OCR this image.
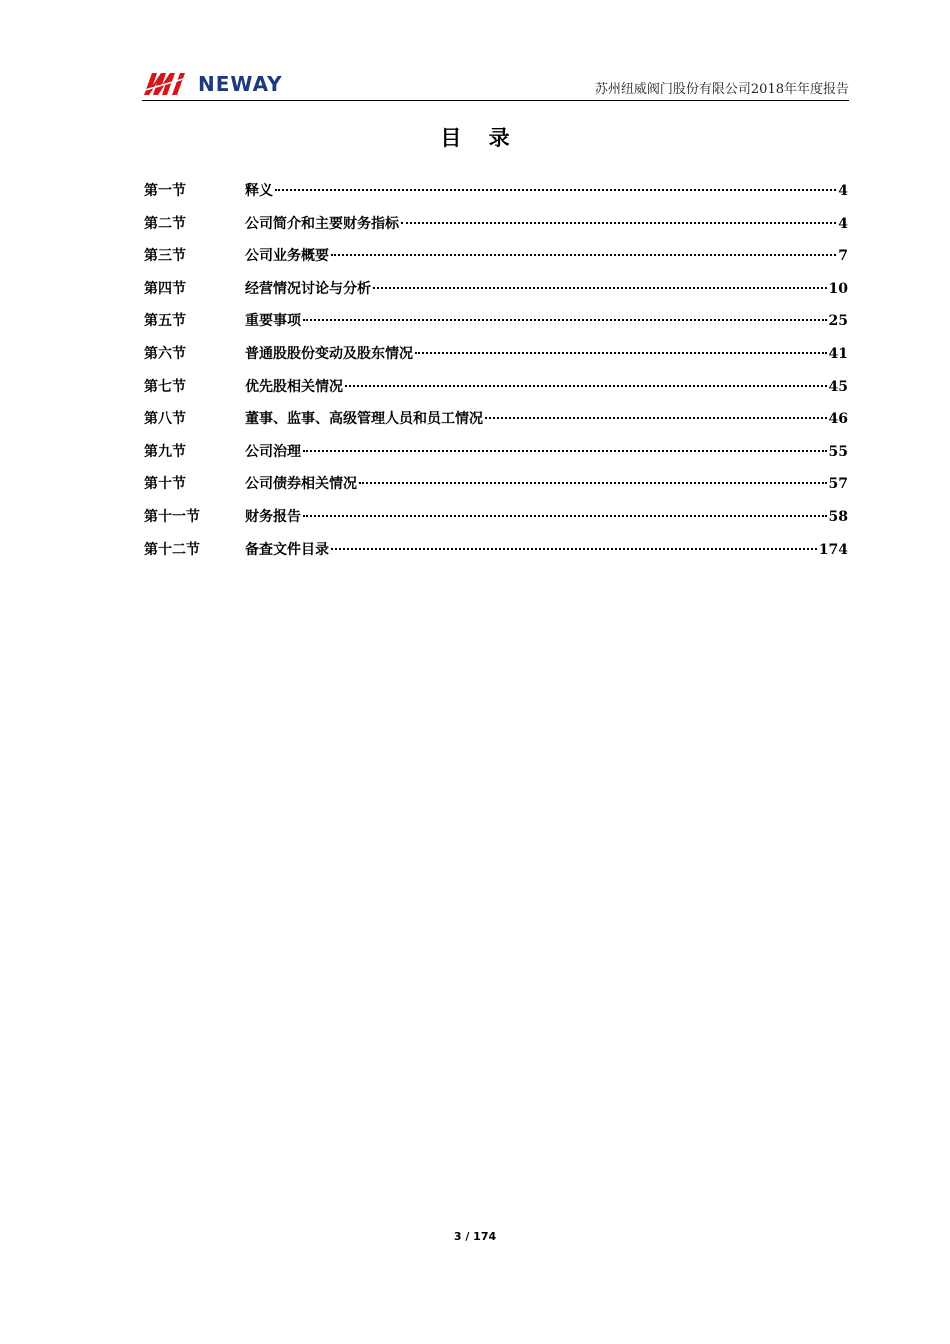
NEWAY	苏州纽威阀门股份有限公司2018年年度报告
目 录
第一节	释义	4
第二节	公司简介和主要财务指标	4
第三节	公司业务概要	7
第四节	经营情况讨论与分析	10
第五节	重要事项	25
第六节	普通股股份变动及股东情况	41
第七节	优先股相关情况	45
第八节	董事、监事、高级管理人员和员工情况	46
第九节	公司治理	55
第十节	公司债券相关情况	57
第十一节	财务报告	58
第十二节	备查文件目录	174
3 / 174
